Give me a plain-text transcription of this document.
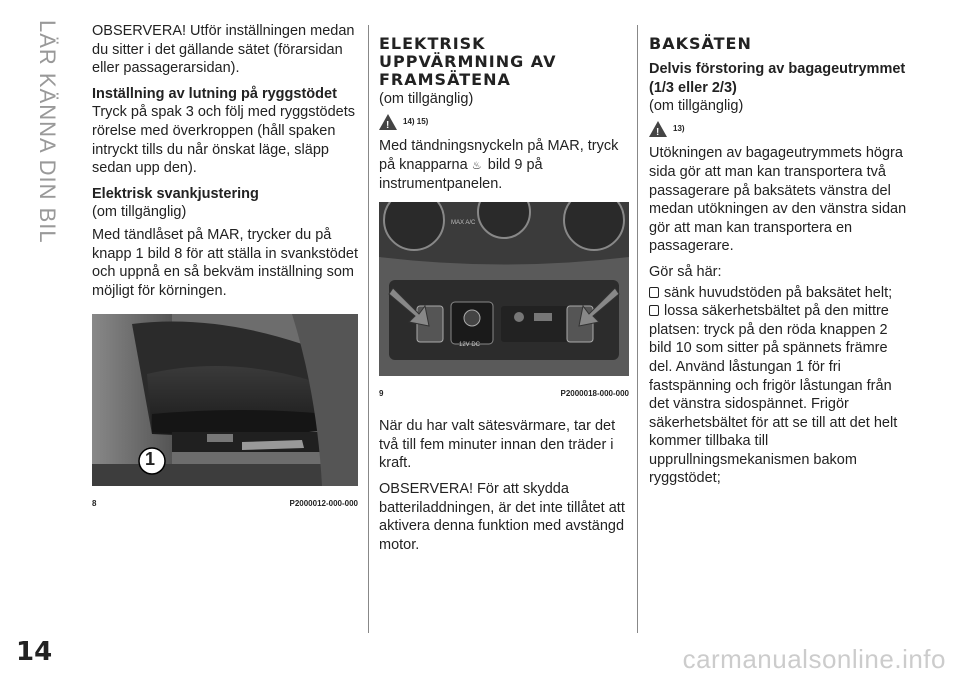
LÄR KÄNNA DIN BIL OBSERVERA! Utför inställningen medan du sitter i det gällande sätet (förarsidan eller passagerarsidan).

Inställning av lutning på ryggstödet

Tryck på spak 3 och följ med ryggstödets rörelse med överkroppen (håll spaken intryckt tills du når önskat läge, släpp sedan upp den).

Elektrisk svankjustering
(om tillgänglig)

Med tändlåset på MAR, trycker du på knapp 1 bild 8 för att ställa in svankstödet och uppnå en så bekväm inställning som möjligt för körningen.

1
8	P2000012-000-000
ELEKTRISK
UPPVÄRMNING AV
FRAMSÄTENA
(om tillgänglig)
! 14) 15)

Med tändningsnyckeln på MAR, tryck på knapparna ♨ bild 9 på instrumentpanelen.

MAX A/C
12V DC
9	P2000018-000-000

När du har valt sätesvärmare, tar det två till fem minuter innan den träder i kraft.

OBSERVERA! För att skydda batteriladdningen, är det inte tillåtet att aktivera denna funktion med avstängd motor.

BAKSÄTEN
Delvis förstoring av bagageutrymmet (1/3 eller 2/3)
(om tillgänglig)
! 13)

Utökningen av bagageutrymmets högra sida gör att man kan transportera två passagerare på baksätets vänstra del medan utökningen av den vänstra sidan gör att man kan transportera en passagerare.

Gör så här:

sänk huvudstöden på baksätet helt;
lossa säkerhetsbältet på den mittre platsen: tryck på den röda knappen 2 bild 10 som sitter på spännets främre del. Använd låstungan 1 för fri fastspänning och frigör låstungan från det vänstra sidospännet. Frigör säkerhetsbältet för att se till att det helt kommer tillbaka till upprullningsmekanismen bakom ryggstödet;
14	carmanualsonline.info
